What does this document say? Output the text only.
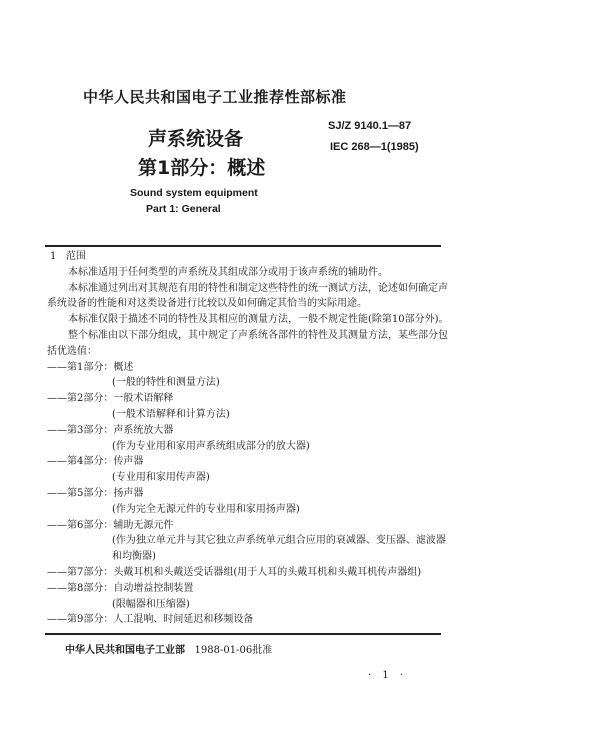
中华人民共和国电子工业推荐性部标准
声系统设备
第1部分：概述
Sound system equipment
Part 1: General
SJ/Z 9140.1—87
IEC 268—1(1985)
1 范围
本标准适用于任何类型的声系统及其组成部分或用于该声系统的辅助件。
本标准通过列出对其规范有用的特性和制定这些特性的统一测试方法，论述如何确定声
系统设备的性能和对这类设备进行比较以及如何确定其恰当的实际用途。
本标准仅限于描述不同的特性及其相应的测量方法，一般不规定性能(除第10部分外)。
整个标准由以下部分组成，其中规定了声系统各部件的特性及其测量方法，某些部分包
括优选值：
——第1部分：概述
(一般的特性和测量方法)
——第2部分：一般术语解释
(一般术语解释和计算方法)
——第3部分：声系统放大器
(作为专业用和家用声系统组成部分的放大器)
——第4部分：传声器
(专业用和家用传声器)
——第5部分：扬声器
(作为完全无源元件的专业用和家用扬声器)
——第6部分：辅助无源元件
(作为独立单元并与其它独立声系统单元组合应用的衰减器、变压器、滤波器
和均衡器)
——第7部分：头戴耳机和头戴送受话器组(用于人耳的头戴耳机和头戴耳机传声器组)
——第8部分：自动增益控制装置
(限幅器和压缩器)
——第9部分：人工混响、时间延迟和移频设备
中华人民共和国电子工业部 1988-01-06批准
· 1 ·
